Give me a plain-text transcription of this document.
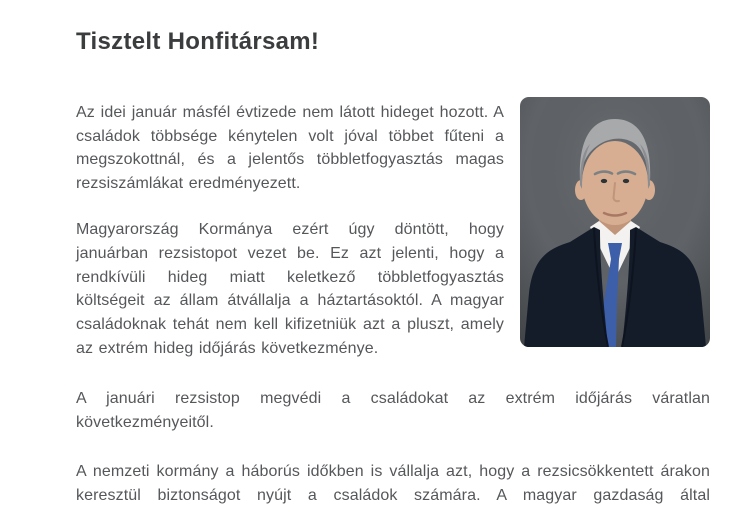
Tisztelt Honfitársam!

Az idei január másfél évtizede nem látott hideget hozott. A családok többsége kénytelen volt jóval többet fűteni a megszokottnál, és a jelentős többletfogyasztás magas rezsiszámlákat eredményezett.

Magyarország Kormánya ezért úgy döntött, hogy januárban rezsistopot vezet be. Ez azt jelenti, hogy a rendkívüli hideg miatt keletkező többletfogyasztás költségeit az állam átvállalja a háztartásoktól. A magyar családoknak tehát nem kell kifizetniük azt a pluszt, amely az extrém hideg időjárás következménye.

A januári rezsistop megvédi a családokat az extrém időjárás váratlan következményeitől.

A nemzeti kormány a háborús időkben is vállalja azt, hogy a rezsicsökkentett árakon keresztül biztonságot nyújt a családok számára. A magyar gazdaság által
